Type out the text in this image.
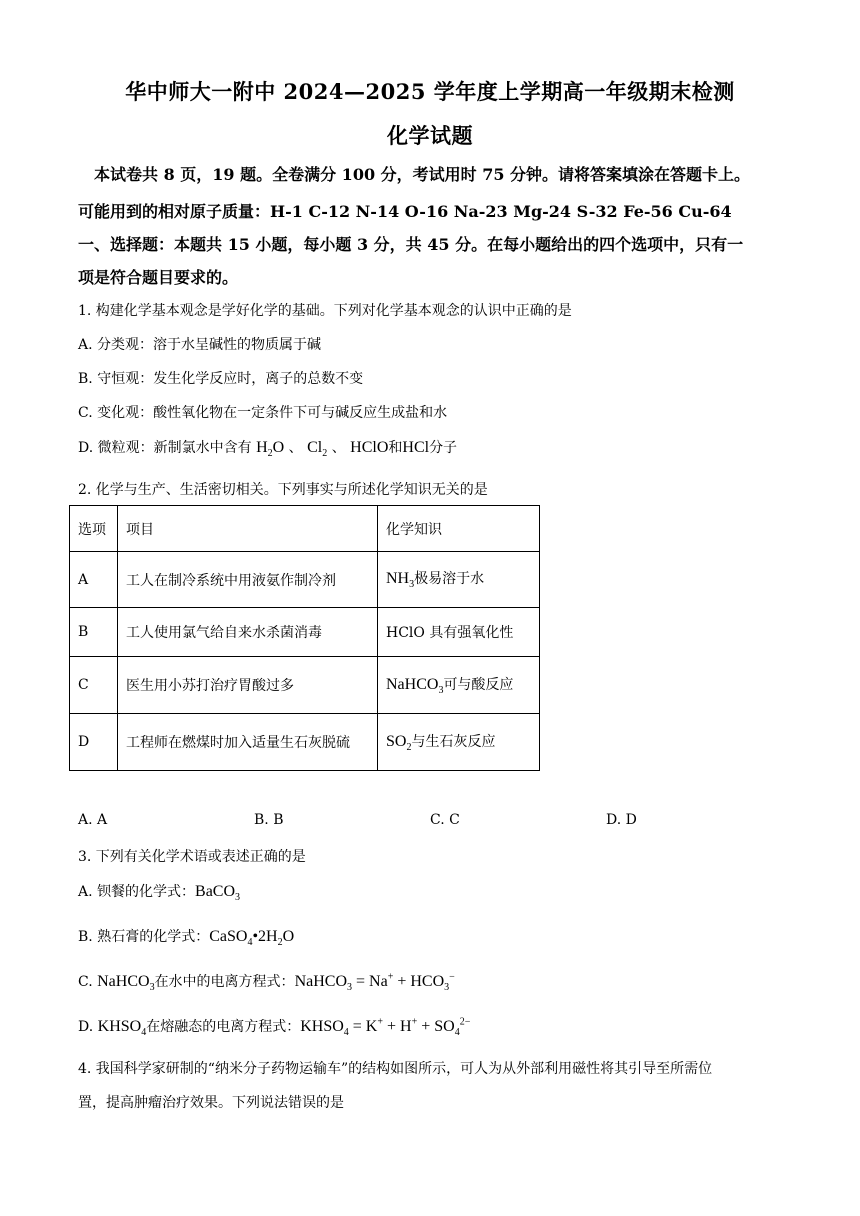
华中师大一附中 2024—2025 学年度上学期高一年级期末检测
化学试题
本试卷共 8 页，19 题。全卷满分 100 分，考试用时 75 分钟。请将答案填涂在答题卡上。
可能用到的相对原子质量：H-1 C-12 N-14 O-16 Na-23 Mg-24 S-32 Fe-56 Cu-64
一、选择题：本题共 15 小题，每小题 3 分，共 45 分。在每小题给出的四个选项中，只有一
项是符合题目要求的。
1. 构建化学基本观念是学好化学的基础。下列对化学基本观念的认识中正确的是
A. 分类观：溶于水呈碱性的物质属于碱
B. 守恒观：发生化学反应时，离子的总数不变
C. 变化观：酸性氧化物在一定条件下可与碱反应生成盐和水
D. 微粒观：新制氯水中含有 $H_2O$ 、 $Cl_2$ 、 HClO和HCl分子
2. 化学与生产、生活密切相关。下列事实与所述化学知识无关的是
选项	项目	化学知识
A	工人在制冷系统中用液氨作制冷剂	$NH_3$极易溶于水
B	工人使用氯气给自来水杀菌消毒	HClO 具有强氧化性
C	医生用小苏打治疗胃酸过多	NaHCO$_3$可与酸反应
D	工程师在燃煤时加入适量生石灰脱硫	$SO_2$与生石灰反应
A. A	B. B	C. C	D. D
3. 下列有关化学术语或表述正确的是
A. 钡餐的化学式：BaCO$_3$
B. 熟石膏的化学式：$CaSO_4•2H_2O$
C. NaHCO$_3$在水中的电离方程式：NaHCO$_3$ = $Na^+ + HCO_3^-$
D. $KHSO_4$在熔融态的电离方程式：$KHSO_4 = K^+ + H^+ + SO_4^{2-}$
4. 我国科学家研制的“纳米分子药物运输车”的结构如图所示，可人为从外部利用磁性将其引导至所需位
置，提高肿瘤治疗效果。下列说法错误的是
